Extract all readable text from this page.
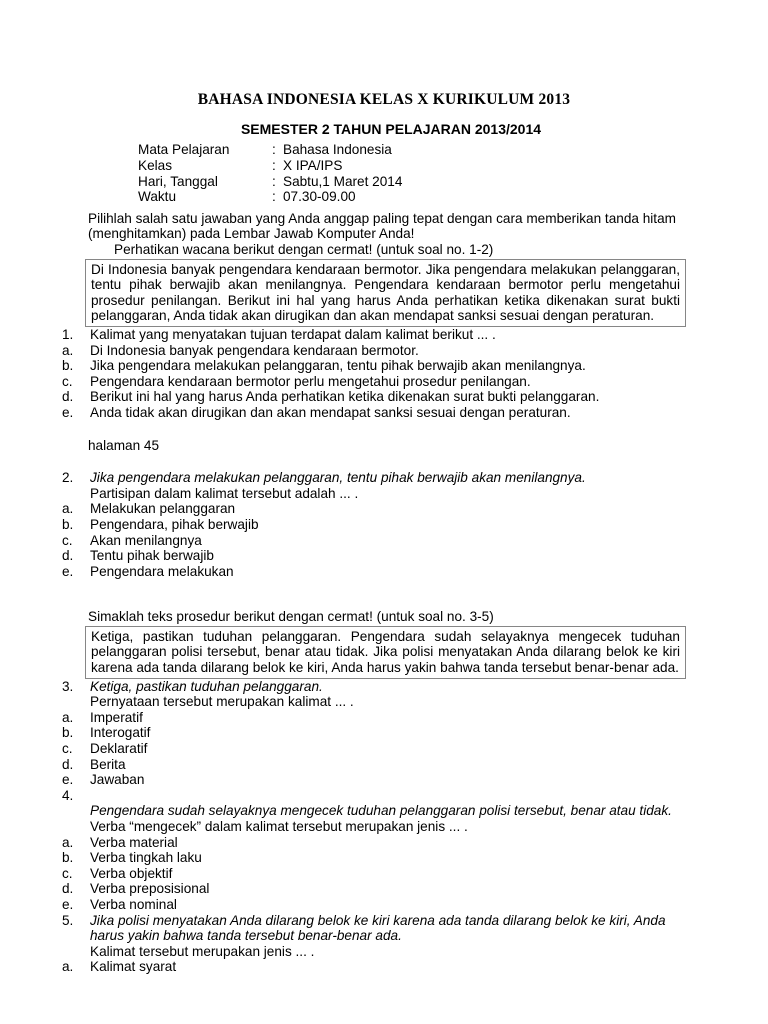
BAHASA INDONESIA KELAS X KURIKULUM 2013
SEMESTER 2 TAHUN PELAJARAN 2013/2014
Mata Pelajaran	:	Bahasa Indonesia
Kelas	:	X IPA/IPS
Hari, Tanggal	:	Sabtu,1 Maret 2014
Waktu	:	07.30-09.00
Pilihlah salah satu jawaban yang Anda anggap paling tepat dengan cara memberikan tanda hitam (menghitamkan) pada Lembar Jawab Komputer Anda!
Perhatikan wacana berikut dengan cermat! (untuk soal no. 1-2)

Di Indonesia banyak pengendara kendaraan bermotor. Jika pengendara melakukan pelanggaran, tentu pihak berwajib akan menilangnya. Pengendara kendaraan bermotor perlu mengetahui prosedur penilangan. Berikut ini hal yang harus Anda perhatikan ketika dikenakan surat bukti pelanggaran, Anda tidak akan dirugikan dan akan mendapat sanksi sesuai dengan peraturan.

1.	Kalimat yang menyatakan tujuan terdapat dalam kalimat berikut ... .
a.	Di Indonesia banyak pengendara kendaraan bermotor.
b.	Jika pengendara melakukan pelanggaran, tentu pihak berwajib akan menilangnya.
c.	Pengendara kendaraan bermotor perlu mengetahui prosedur penilangan.
d.	Berikut ini hal yang harus Anda perhatikan ketika dikenakan surat bukti pelanggaran.
e.	Anda tidak akan dirugikan dan akan mendapat sanksi sesuai dengan peraturan.
halaman 45
2.	Jika pengendara melakukan pelanggaran, tentu pihak berwajib akan menilangnya.
Partisipan dalam kalimat tersebut adalah ... .
a.	Melakukan pelanggaran
b.	Pengendara, pihak berwajib
c.	Akan menilangnya
d.	Tentu pihak berwajib
e.	Pengendara melakukan
Simaklah teks prosedur berikut dengan cermat! (untuk soal no. 3-5)

Ketiga, pastikan tuduhan pelanggaran. Pengendara sudah selayaknya mengecek tuduhan pelanggaran polisi tersebut, benar atau tidak. Jika polisi menyatakan Anda dilarang belok ke kiri karena ada tanda dilarang belok ke kiri, Anda harus yakin bahwa tanda tersebut benar-benar ada.

3.	Ketiga, pastikan tuduhan pelanggaran.
Pernyataan tersebut merupakan kalimat ... .
a.	Imperatif
b.	Interogatif
c.	Deklaratif
d.	Berita
e.	Jawaban
4.

Pengendara sudah selayaknya mengecek tuduhan pelanggaran polisi tersebut, benar atau tidak.
Verba “mengecek” dalam kalimat tersebut merupakan jenis ... .
a.	Verba material
b.	Verba tingkah laku
c.	Verba objektif
d.	Verba preposisional
e.	Verba nominal
5.	Jika polisi menyatakan Anda dilarang belok ke kiri karena ada tanda dilarang belok ke kiri, Anda harus yakin bahwa tanda tersebut benar-benar ada.
Kalimat tersebut merupakan jenis ... .
a.	Kalimat syarat
